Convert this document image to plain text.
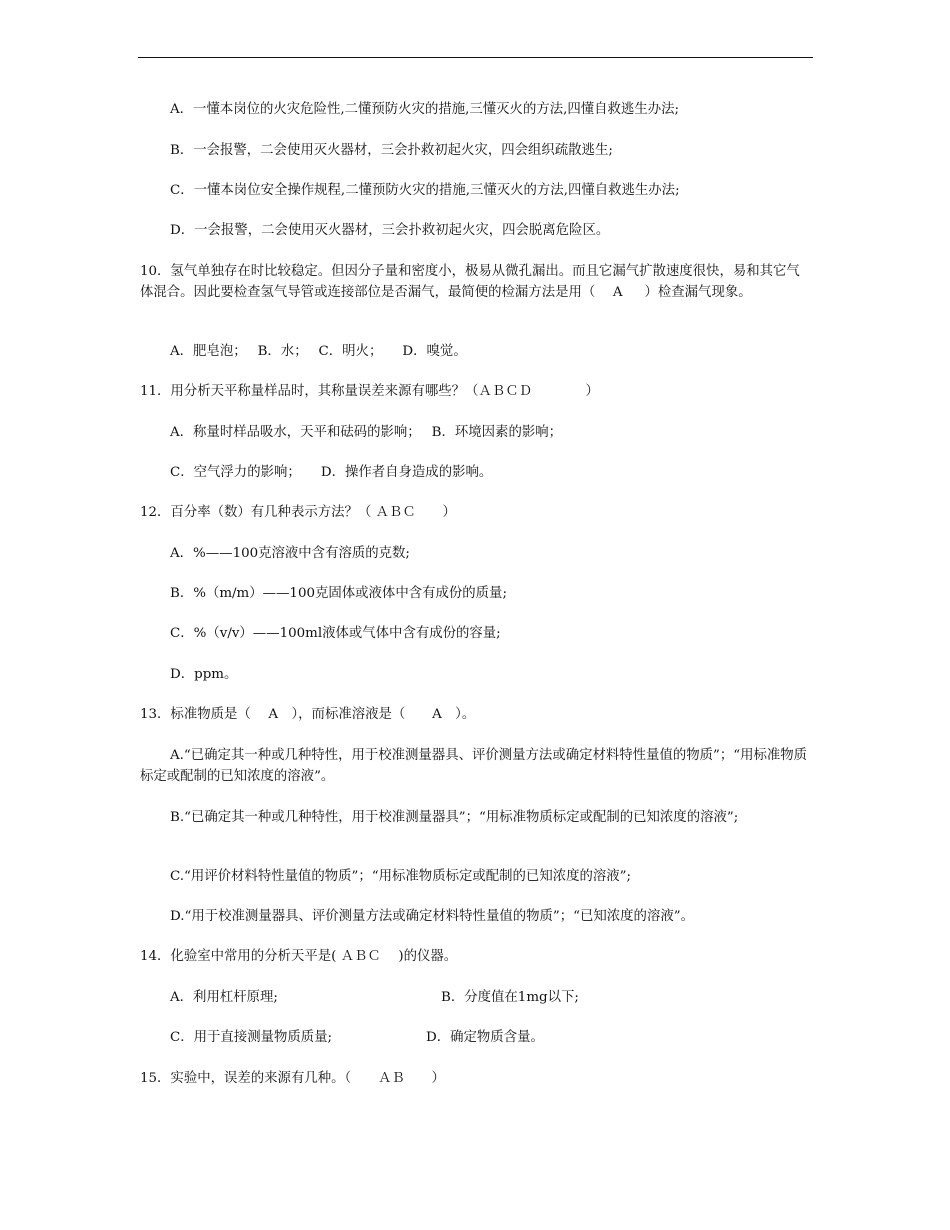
A．一懂本岗位的火灾危险性,二懂预防火灾的措施,三懂灭火的方法,四懂自救逃生办法;
B．一会报警，二会使用灭火器材，三会扑救初起火灾，四会组织疏散逃生;
C．一懂本岗位安全操作规程,二懂预防火灾的措施,三懂灭火的方法,四懂自救逃生办法;
D．一会报警，二会使用灭火器材，三会扑救初起火灾，四会脱离危险区。
10．氢气单独存在时比较稳定。但因分子量和密度小，极易从微孔漏出。而且它漏气扩散速度很快，易和其它气体混合。因此要检查氢气导管或连接部位是否漏气，最简便的检漏方法是用（　 A 　 ）检查漏气现象。
A．肥皂泡；　 B．水；　 C．明火；　　D．嗅觉。
11．用分析天平称量样品时，其称量误差来源有哪些？（ＡＢＣＤ　　　　）
A．称量时样品吸水，天平和砝码的影响；　 B．环境因素的影响；
C．空气浮力的影响；　　D．操作者自身造成的影响。
12．百分率（数）有几种表示方法？（ ＡＢＣ　　）
A．%——100克溶液中含有溶质的克数;
B．%（m/m）——100克固体或液体中含有成份的质量;
C．%（v/v）——100ml液体或气体中含有成份的容量;
D．ppm。
13．标准物质是（　 A　），而标准溶液是（　　A　）。
A.“已确定其一种或几种特性，用于校准测量器具、评价测量方法或确定材料特性量值的物质”；“用标准物质标定或配制的已知浓度的溶液”。
B.“已确定其一种或几种特性，用于校准测量器具”；“用标准物质标定或配制的已知浓度的溶液”;
C.“用评价材料特性量值的物质”；“用标准物质标定或配制的已知浓度的溶液”;
D.“用于校准测量器具、评价测量方法或确定材料特性量值的物质”；“已知浓度的溶液”。
14．化验室中常用的分析天平是( ＡＢＣ　 )的仪器。
A．利用杠杆原理;	B．分度值在1mg以下;
C．用于直接测量物质质量;	D．确定物质含量。
15．实验中，误差的来源有几种。（　　ＡＢ　　）
